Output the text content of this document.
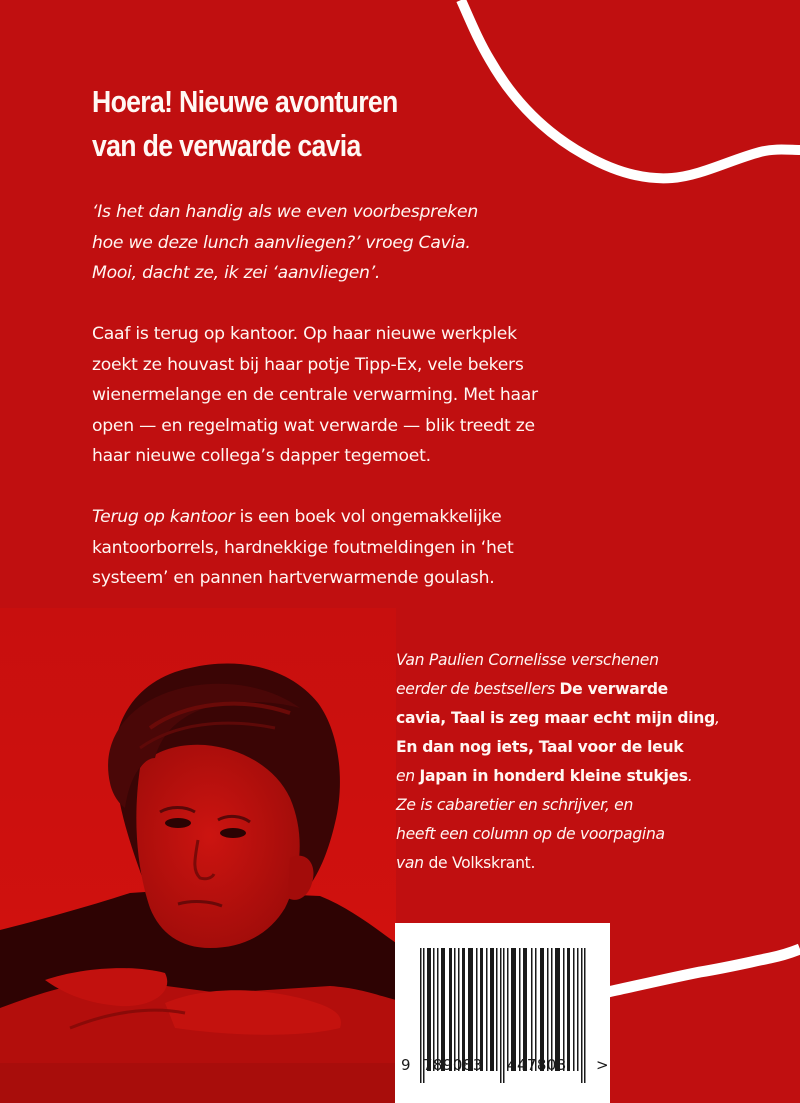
Hoera! Nieuwe avonturen
van de verwarde cavia

‘Is het dan handig als we even voorbespreken
hoe we deze lunch aanvliegen?’ vroeg Cavia.
Mooi, dacht ze, ik zei ‘aanvliegen’.

Caaf is terug op kantoor. Op haar nieuwe werkplek
zoekt ze houvast bij haar potje Tipp-Ex, vele bekers
wienermelange en de centrale verwarming. Met haar
open — en regelmatig wat verwarde — blik treedt ze
haar nieuwe collega’s dapper tegemoet.

Terug op kantoor is een boek vol ongemakkelijke
kantoorborrels, hardnekkige foutmeldingen in ‘het
systeem’ en pannen hartverwarmende goulash.

Van Paulien Cornelisse verschenen
eerder de bestsellers De verwarde
cavia, Taal is zeg maar echt mijn ding,
En dan nog iets, Taal voor de leuk
en Japan in honderd kleine stukjes.
Ze is cabaretier en schrijver, en
heeft een column op de voorpagina
van de Volkskrant.

9 789083 447803 >
